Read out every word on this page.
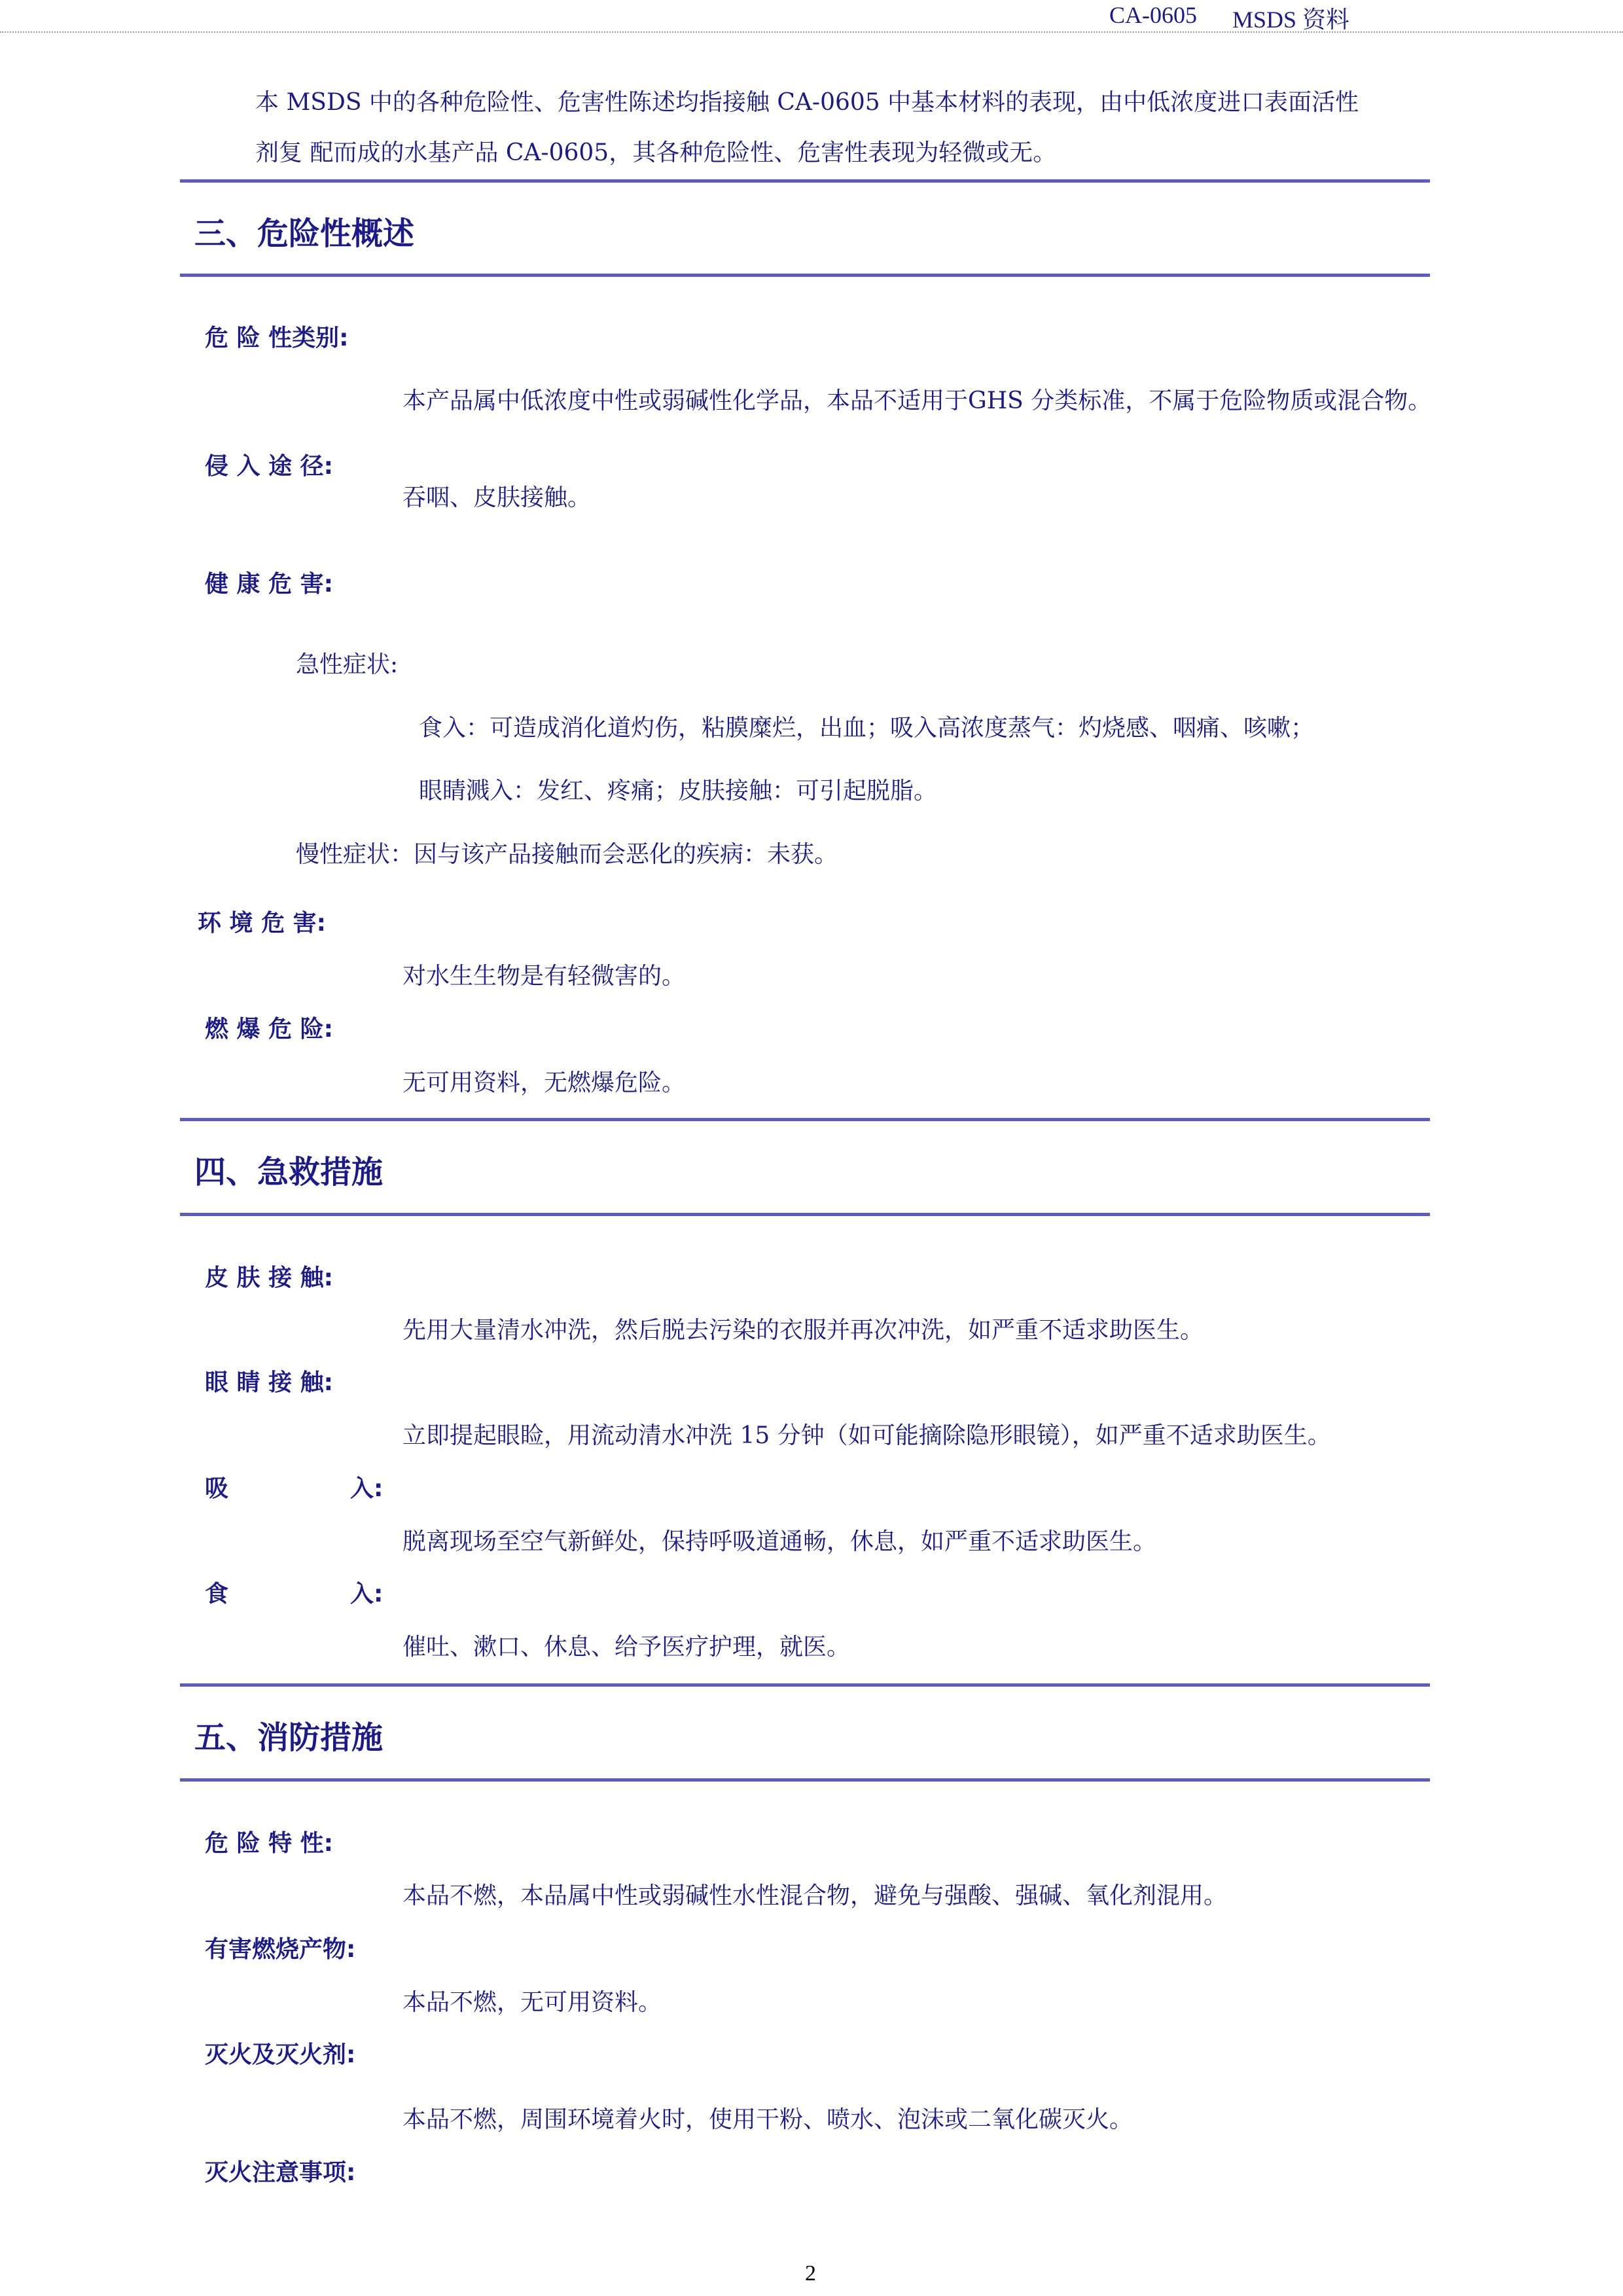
CA-0605 MSDS 资料
本 MSDS 中的各种危险性、危害性陈述均指接触 CA-0605 中基本材料的表现，由中低浓度进口表面活性
剂复 配而成的水基产品 CA-0605，其各种危险性、危害性表现为轻微或无。
三、危险性概述
危 险 性类别:
本产品属中低浓度中性或弱碱性化学品，本品不适用于GHS 分类标准，不属于危险物质或混合物。
侵 入 途 径:
吞咽、皮肤接触。
健 康 危 害:
急性症状:
食入：可造成消化道灼伤，粘膜糜烂，出血；吸入高浓度蒸气：灼烧感、咽痛、咳嗽；
眼睛溅入：发红、疼痛；皮肤接触：可引起脱脂。
慢性症状：因与该产品接触而会恶化的疾病：未获。
环 境 危 害:
对水生生物是有轻微害的。
燃 爆 危 险:
无可用资料，无燃爆危险。
四、急救措施
皮 肤 接 触:
先用大量清水冲洗，然后脱去污染的衣服并再次冲洗，如严重不适求助医生。
眼 睛 接 触:
立即提起眼睑，用流动清水冲洗 15 分钟（如可能摘除隐形眼镜），如严重不适求助医生。
吸	入:
脱离现场至空气新鲜处，保持呼吸道通畅，休息，如严重不适求助医生。
食	入:
催吐、漱口、休息、给予医疗护理，就医。
五、消防措施
危 险 特 性:
本品不燃，本品属中性或弱碱性水性混合物，避免与强酸、强碱、氧化剂混用。
有害燃烧产物:
本品不燃，无可用资料。
灭火及灭火剂:
本品不燃，周围环境着火时，使用干粉、喷水、泡沫或二氧化碳灭火。
灭火注意事项:
2
